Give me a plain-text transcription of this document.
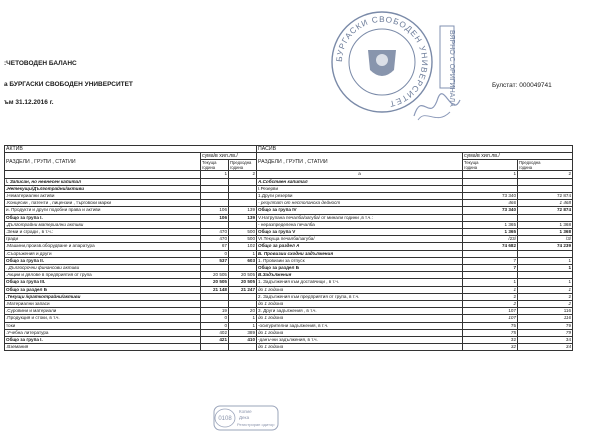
:ЧЕТОВОДЕН БАЛАНС
а БУРГАСКИ СВОБОДЕН УНИВЕРСИТЕТ
ъм 31.12.2016 г.
Булстат: 000049741
БУРГАСКИ СВОБОДЕН УНИВЕРСИТЕТ	ВЯРНО С ОРИГИНАЛА
АКТИВ			ПАСИВ		
РАЗДЕЛИ , ГРУПИ , СТАТИИ	сума/в хил.лв./		РАЗДЕЛИ , ГРУПИ , СТАТИИ	сума/в хил.лв./	
	Текуща
година	Предходна
година		Текуща
година	Предходна
година
	1	2	а	1	2
\. Записан, но невнесен капитал			А.Собствен капитал		
.Нетекущи/Дълготрайни/активи			I.Резерви		
.Нематериални активи			1.Други резерви	73 340	72 874
.Концесии , патенти , лицензии , търговски марки			- резултат от нестопанска дейност	466	1 468
и. Продукти и други подобни права и активи	106	139	Общо за група IV	73 340	72 874
Общо за група I.	106	139	V.Натрупана печалба/загуба/ от минали години ,в т.ч.:		
.Дълготрайни материални активи			- неразпределена печалба	1 365	1 368
.Земи и сгради , в т.ч.:	470	500	Общо за група V	1 365	1 368
грaди	470	500	VI.Текуща печалба/загуба/	/23/	/3/
.Машини,произв.оборудване и апаратура	67	102	Общо за раздел А	74 682	74 239
.Съоръжения и други	0	1	Б. Провизии сходни задължения		
Общо за група II.	537	603	1. Провизии за отпуск	7	1
. Дългосрочни финансови активи			Общо за раздел Б	7	1
.Акции и дялове в предприятия от група	20 505	20 505	В.Задължения		
Общо за група III.	20 505	20 505	1. Задължения към доставчици , в т.ч.	1	1
Общо за раздел Б	21 148	21 247	до 1 година	1	1
.Текущи /краткотрайни/активи			2. Задължения към предприятия от група, в т.ч.	2	2
.Материални запаси			до 1 година	2	2
.Суровини и материали	19	20	3. Други задължения , в т.ч.	107	116
.Продукция и стоки, в т.ч.	0	1	до 1 година	107	116
токи	0	1	-осигурителни задължения, в т.ч.	75	79
.Учебна литература	402	389	до 1 година	75	79
Общо за група I.	421	410	-данъчни задължения, в т.ч.	32	34
.Вземания			до 1 година	32	34
0108
Копие
Дека
Регистриран одитор
